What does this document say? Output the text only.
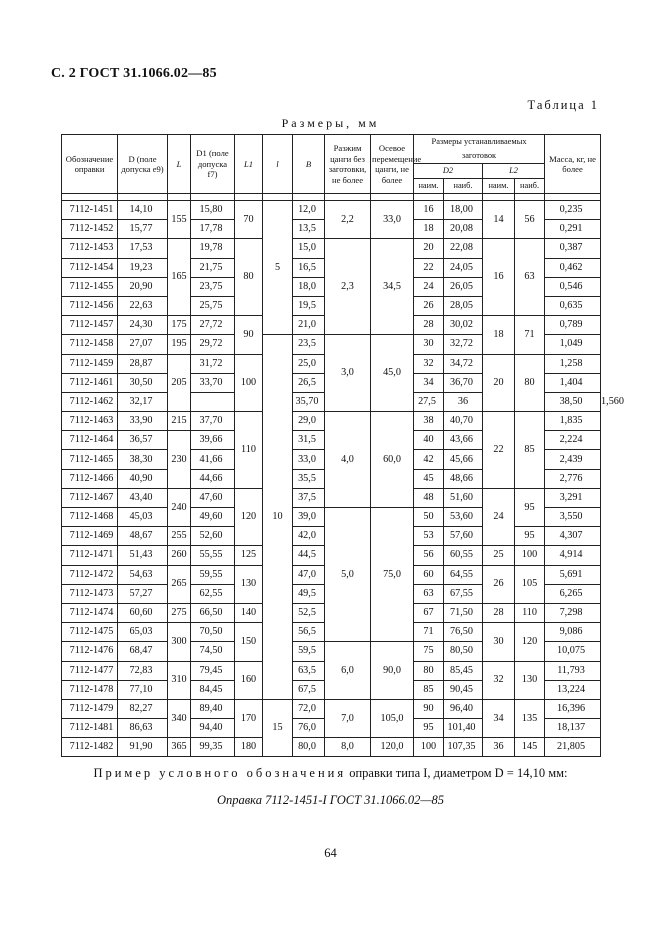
С. 2 ГОСТ 31.1066.02—85
Таблица 1
Размеры, мм
Обозначение оправки	D (поле допуска е9)	L	D1 (поле допуска f7)	L1	l	B	Разжим цанги без заготовки, не более	Осевое перемещение цанги, не более	Размеры устанавливаемых заготовок				Масса, кг, не более	
									D2		L2			
									наим.	наиб.	наим.	наиб.		

7112-1451	14,10	155	15,80	70	5	12,0	2,2	33,0	16	18,00	14	56	0,235	
7112-1452	15,77		17,78			13,5			18	20,08			0,291	
7112-1453	17,53	165	19,78	80		15,0	2,3	34,5	20	22,08	16	63	0,387	
7112-1454	19,23		21,75			16,5			22	24,05			0,462	
7112-1455	20,90		23,75			18,0			24	26,05			0,546	
7112-1456	22,63		25,75			19,5			26	28,05			0,635	
7112-1457	24,30	175	27,72	90		21,0			28	30,02	18	71	0,789	
7112-1458	27,07	195	29,72		10	23,5	3,0	45,0	30	32,72			1,049	
7112-1459	28,87	205	31,72	100		25,0			32	34,72	20	80	1,258	
7112-1461	30,50		33,70			26,5			34	36,70			1,404	
7112-1462	32,17					35,70			27,5	36			38,50	1,560
7112-1463	33,90	215	37,70	110		29,0	4,0	60,0	38	40,70	22	85	1,835	
7112-1464	36,57	230	39,66			31,5			40	43,66			2,224	
7112-1465	38,30		41,66			33,0			42	45,66			2,439	
7112-1466	40,90		44,66			35,5			45	48,66			2,776	
7112-1467	43,40	240	47,60	120		37,5			48	51,60	24	95	3,291	
7112-1468	45,03		49,60			39,0	5,0	75,0	50	53,60			3,550	
7112-1469	48,67	255	52,60			42,0			53	57,60		95	4,307	
7112-1471	51,43	260	55,55	125		44,5			56	60,55	25	100	4,914	
7112-1472	54,63	265	59,55	130		47,0			60	64,55	26	105	5,691	
7112-1473	57,27		62,55			49,5			63	67,55			6,265	
7112-1474	60,60	275	66,50	140		52,5			67	71,50	28	110	7,298	
7112-1475	65,03	300	70,50	150		56,5			71	76,50	30	120	9,086	
7112-1476	68,47		74,50			59,5	6,0	90,0	75	80,50			10,075	
7112-1477	72,83	310	79,45	160		63,5			80	85,45	32	130	11,793	
7112-1478	77,10		84,45			67,5			85	90,45			13,224	
7112-1479	82,27	340	89,40	170	15	72,0	7,0	105,0	90	96,40	34	135	16,396	
7112-1481	86,63		94,40			76,0			95	101,40			18,137	
7112-1482	91,90	365	99,35	180		80,0	8,0	120,0	100	107,35	36	145	21,805	
Пример условного обозначения оправки типа I, диаметром D = 14,10 мм:
Оправка 7112-1451-I ГОСТ 31.1066.02—85
64
